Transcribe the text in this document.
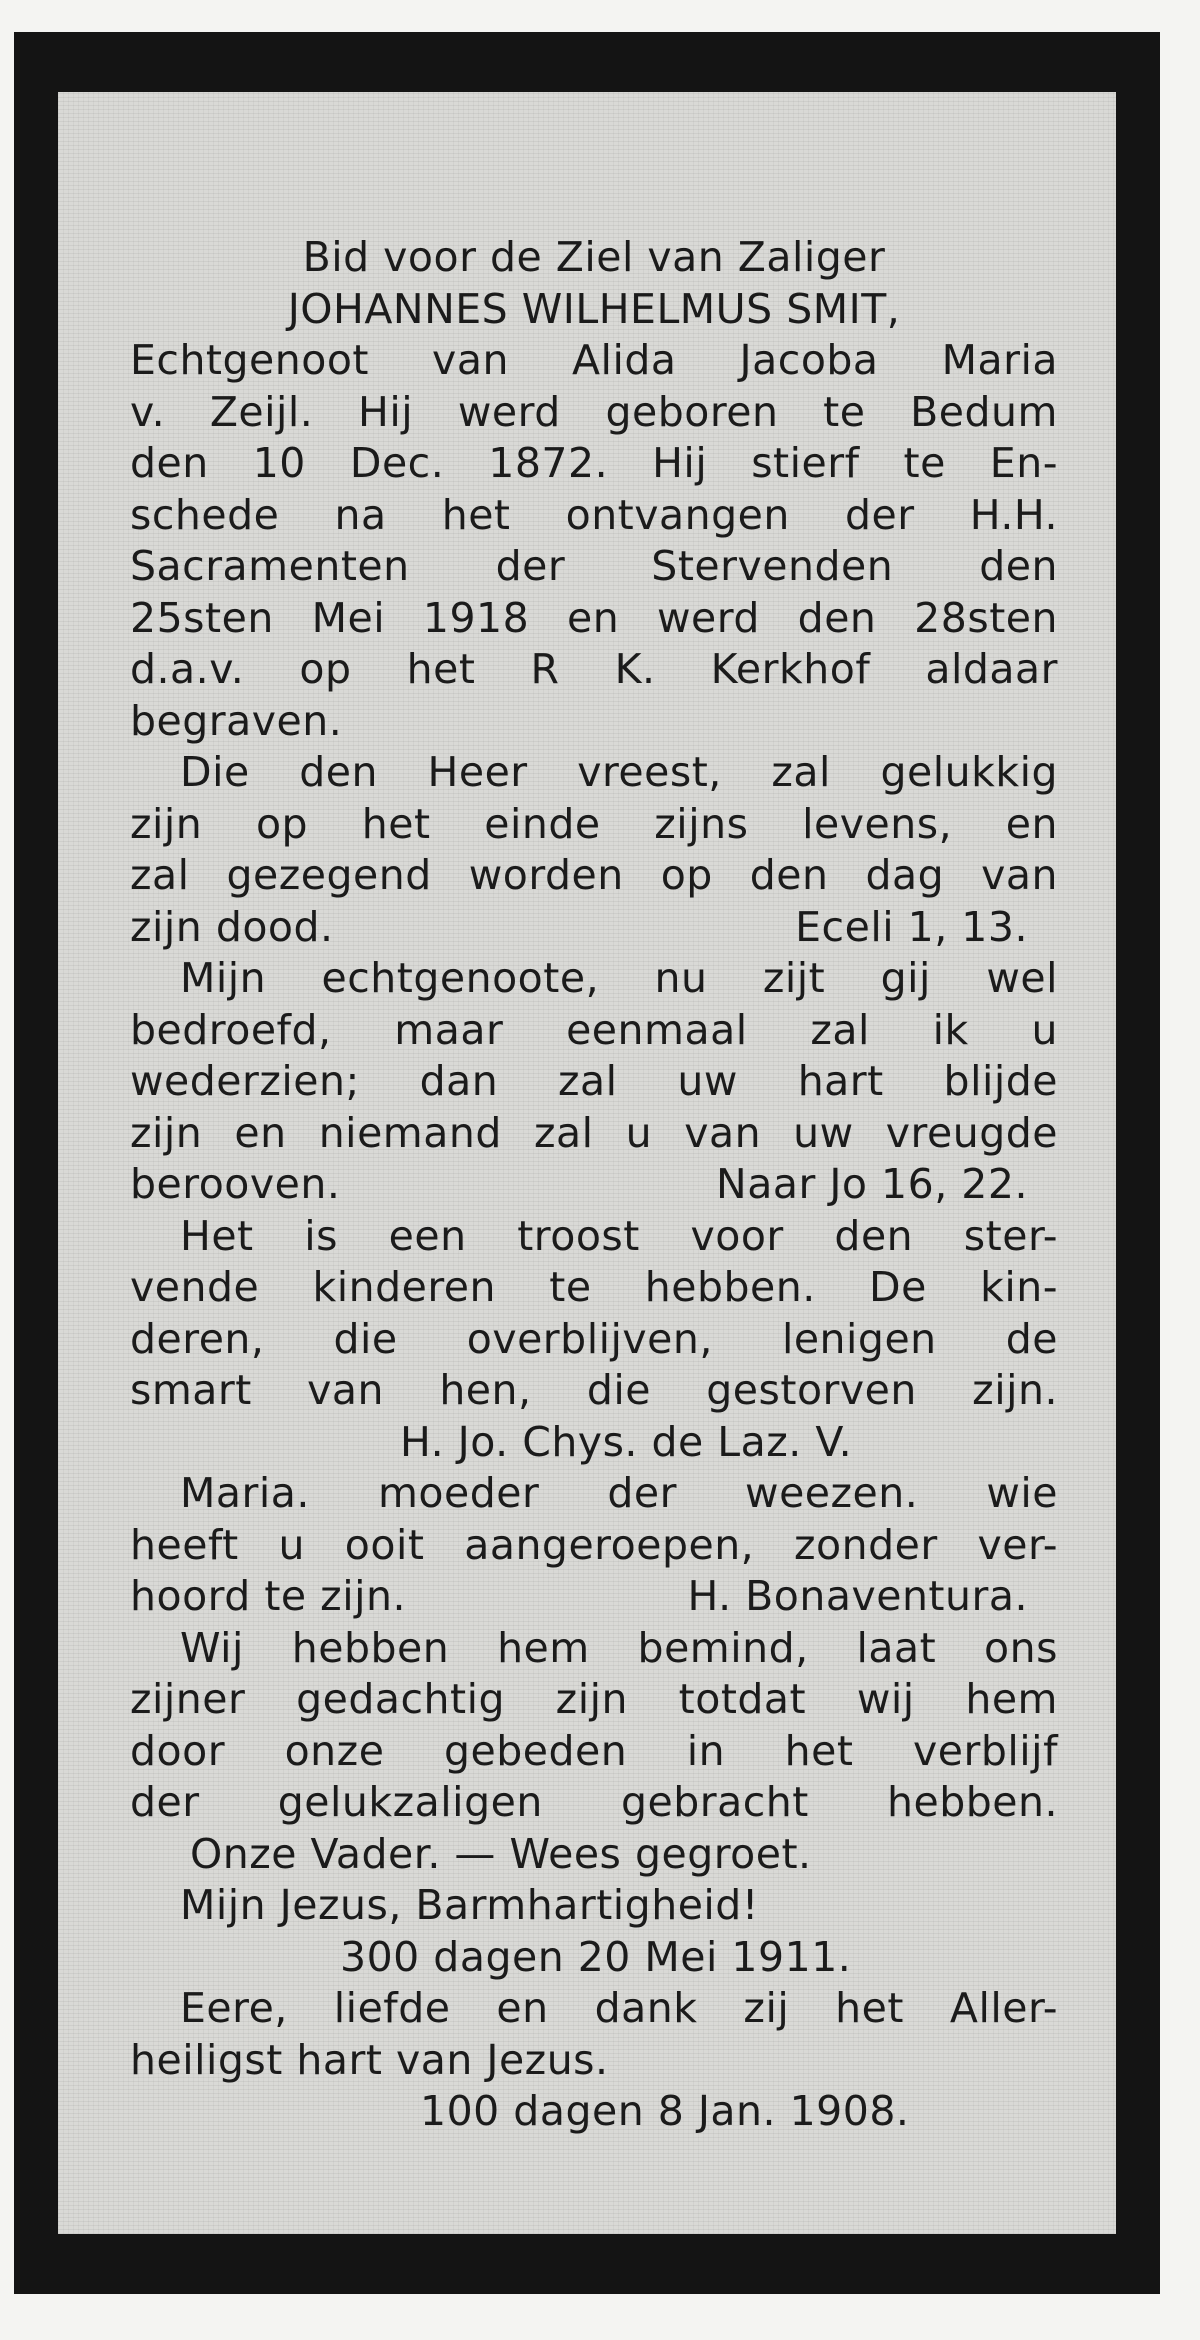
Bid voor de Ziel van Zaliger
JOHANNES WILHELMUS SMIT,
Echtgenoot van Alida Jacoba Maria
v. Zeijl. Hij werd geboren te Bedum
den 10 Dec. 1872. Hij stierf te En-
schede na het ontvangen der H.H.
Sacramenten der Stervenden den
25sten Mei 1918 en werd den 28sten
d.a.v. op het R K. Kerkhof aldaar
begraven.
Die den Heer vreest, zal gelukkig
zijn op het einde zijns levens, en
zal gezegend worden op den dag van
zijn dood.	Eceli 1, 13.
Mijn echtgenoote, nu zijt gij wel
bedroefd, maar eenmaal zal ik u
wederzien; dan zal uw hart blijde
zijn en niemand zal u van uw vreugde
berooven.	Naar Jo 16, 22.
Het is een troost voor den ster-
vende kinderen te hebben. De kin-
deren, die overblijven, lenigen de
smart van hen, die gestorven zijn.
H. Jo. Chys. de Laz. V.
Maria. moeder der weezen. wie
heeft u ooit aangeroepen, zonder ver-
hoord te zijn.	H. Bonaventura.
Wij hebben hem bemind, laat ons
zijner gedachtig zijn totdat wij hem
door onze gebeden in het verblijf
der gelukzaligen gebracht hebben.
Onze Vader. — Wees gegroet.
Mijn Jezus, Barmhartigheid!
300 dagen 20 Mei 1911.
Eere, liefde en dank zij het Aller-
heiligst hart van Jezus.
100 dagen 8 Jan. 1908.
